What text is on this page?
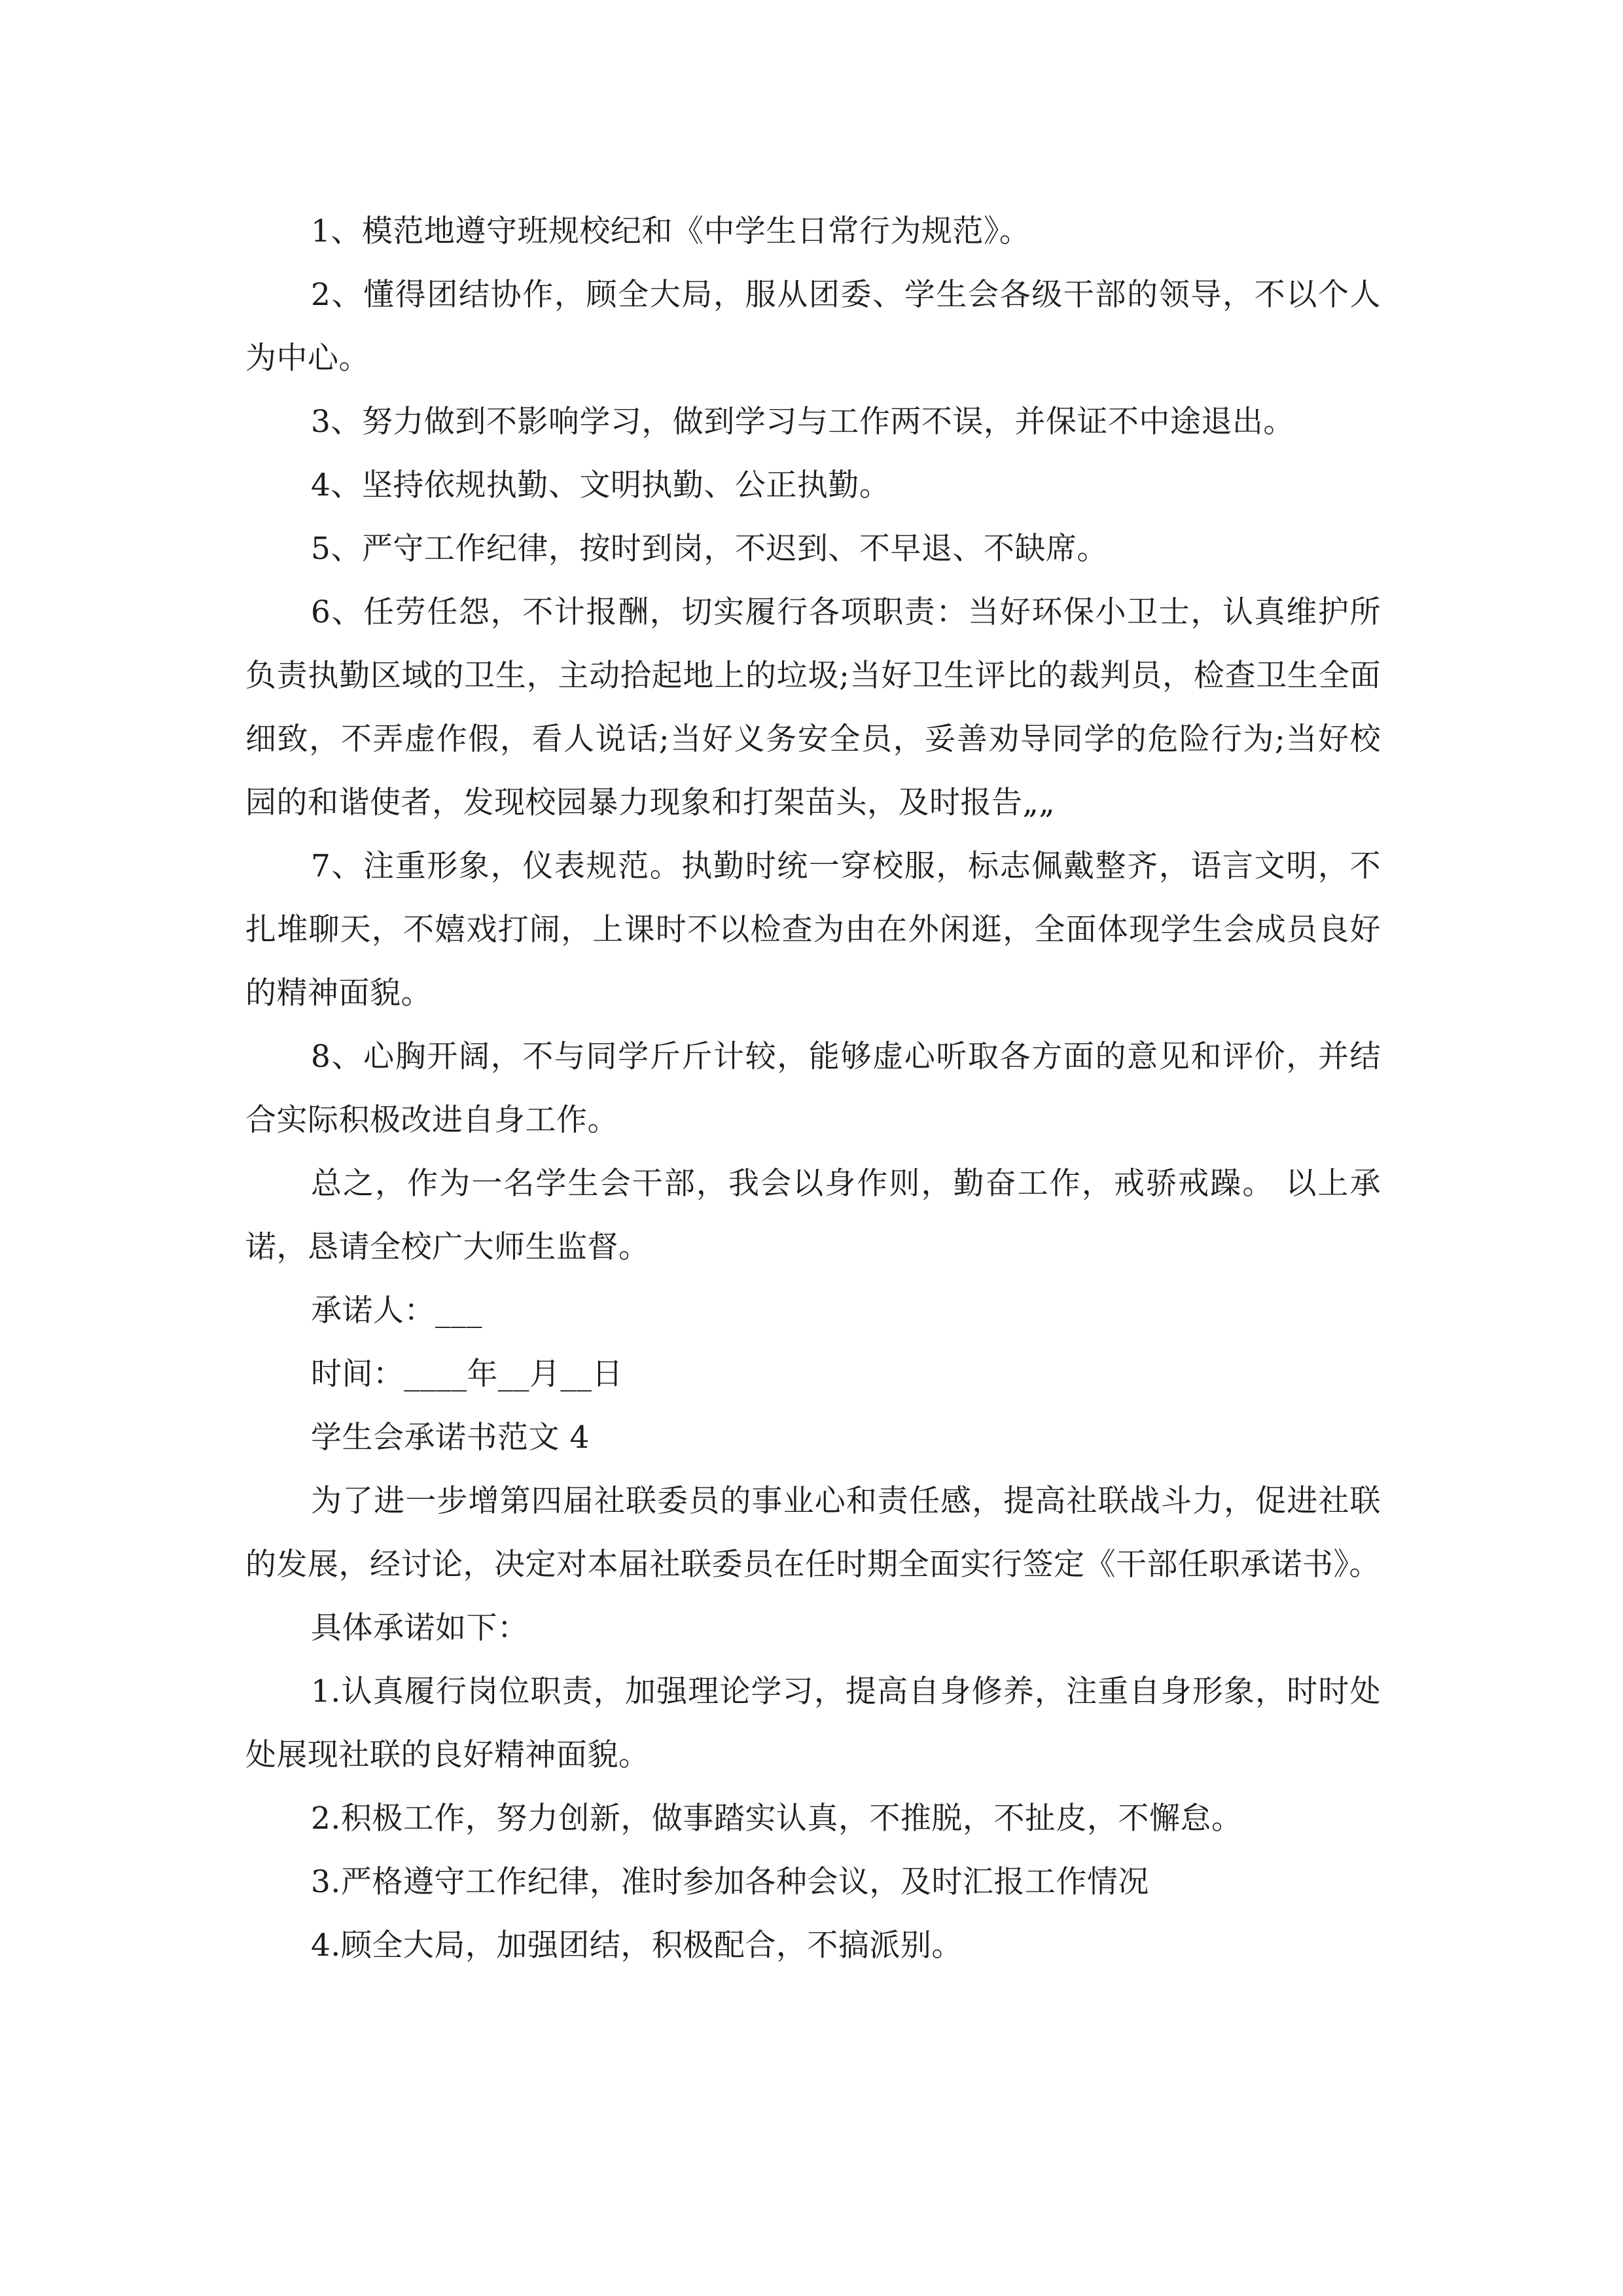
1、模范地遵守班规校纪和《中学生日常行为规范》。

2、懂得团结协作，顾全大局，服从团委、学生会各级干部的领导，不以个人为中心。

3、努力做到不影响学习，做到学习与工作两不误，并保证不中途退出。

4、坚持依规执勤、文明执勤、公正执勤。

5、严守工作纪律，按时到岗，不迟到、不早退、不缺席。

6、任劳任怨，不计报酬，切实履行各项职责：当好环保小卫士，认真维护所负责执勤区域的卫生，主动拾起地上的垃圾;当好卫生评比的裁判员，检查卫生全面细致，不弄虚作假，看人说话;当好义务安全员，妥善劝导同学的危险行为;当好校园的和谐使者，发现校园暴力现象和打架苗头，及时报告„„

7、注重形象，仪表规范。执勤时统一穿校服，标志佩戴整齐，语言文明，不扎堆聊天，不嬉戏打闹，上课时不以检查为由在外闲逛，全面体现学生会成员良好的精神面貌。

8、心胸开阔，不与同学斤斤计较，能够虚心听取各方面的意见和评价，并结合实际积极改进自身工作。

总之，作为一名学生会干部，我会以身作则，勤奋工作，戒骄戒躁。 以上承诺，恳请全校广大师生监督。

承诺人：___

时间：____年__月__日

学生会承诺书范文 4

为了进一步增第四届社联委员的事业心和责任感，提高社联战斗力，促进社联的发展，经讨论，决定对本届社联委员在任时期全面实行签定《干部任职承诺书》。

具体承诺如下：

1.认真履行岗位职责，加强理论学习，提高自身修养，注重自身形象，时时处处展现社联的良好精神面貌。

2.积极工作，努力创新，做事踏实认真，不推脱，不扯皮，不懈怠。

3.严格遵守工作纪律，准时参加各种会议，及时汇报工作情况

4.顾全大局，加强团结，积极配合，不搞派别。
